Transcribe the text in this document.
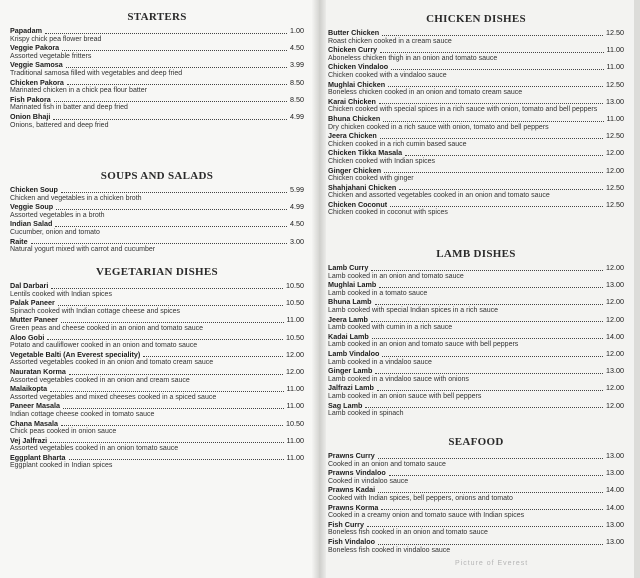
STARTERS
Papadam	1.00
Krispy chick pea flower bread
Veggie Pakora	4.50
Assorted vegetable fritters
Veggie Samosa	3.99
Traditional samosa filled with vegetables and deep fried
Chicken Pakora	8.50
Marinated chicken in a chick pea flour batter
Fish Pakora	8.50
Marinated fish in batter and deep fried
Onion Bhaji	4.99
Onions, battered and deep fried
SOUPS AND SALADS
Chicken Soup	5.99
Chicken and vegetables in a chicken broth
Veggie Soup	4.99
Assorted vegetables in a broth
Indian Salad	4.50
Cucumber, onion and tomato
Raite	3.00
Natural yogurt mixed with carrot and cucumber
VEGETARIAN DISHES
Dal Darbari	10.50
Lentils cooked with Indian spices
Palak Paneer	10.50
Spinach cooked with Indian cottage cheese and spices
Mutter Paneer	11.00
Green peas and cheese cooked in an onion and tomato sauce
Aloo Gobi	10.50
Potato and cauliflower cooked in an onion and tomato sauce
Vegetable Balti (An Everest speciality)	12.00
Assorted vegetables cooked in an onion and tomato cream sauce
Nauratan Korma	12.00
Assorted vegetables cooked in an onion and cream sauce
Malaikopta	11.00
Assorted vegetables and mixed cheeses cooked in a spiced sauce
Paneer Masala	11.00
Indian cottage cheese cooked in tomato sauce
Chana Masala	10.50
Chick peas cooked in onion sauce
Vej Jalfrazi	11.00
Assorted vegetables cooked in an onion tomato sauce
Eggplant Bharta	11.00
Eggplant cooked in Indian spices
CHICKEN DISHES
Butter Chicken	12.50
Roast chicken cooked in a cream sauce
Chicken Curry	11.00
Aboneless chicken thigh in an onion and tomato sauce
Chicken Vindaloo	11.00
Chicken cooked with a vindaloo sauce
Mughlai Chicken	12.50
Boneless chicken cooked in an onion and tomato cream sauce
Karai Chicken	13.00
Chicken cooked with special spices in a rich sauce with onion, tomato and bell peppers
Bhuna Chicken	11.00
Dry chicken cooked in a rich sauce with onion, tomato and bell peppers
Jeera Chicken	12.50
Chicken cooked in a rich cumin based sauce
Chicken Tikka Masala	12.00
Chicken cooked with Indian spices
Ginger Chicken	12.00
Chicken cooked with ginger
Shahjahani Chicken	12.50
Chicken and assorted vegetables cooked in an onion and tomato sauce
Chicken Coconut	12.50
Chicken cooked in coconut with spices
LAMB DISHES
Lamb Curry	12.00
Lamb cooked in an onion and tomato sauce
Mughlai Lamb	13.00
Lamb cooked in a tomato sauce
Bhuna Lamb	12.00
Lamb cooked with special Indian spices in a rich sauce
Jeera Lamb	12.00
Lamb cooked with cumin in a rich sauce
Kadai Lamb	14.00
Lamb cooked in an onion and tomato sauce with bell peppers
Lamb Vindaloo	12.00
Lamb cooked in a vindaloo sauce
Ginger Lamb	13.00
Lamb cooked in a vindaloo sauce with onions
Jalfrazi Lamb	12.00
Lamb cooked in an onion sauce with bell peppers
Sag Lamb	12.00
Lamb cooked in spinach
SEAFOOD
Prawns Curry	13.00
Cooked in an onion and tomato sauce
Prawns Vindaloo	13.00
Cooked in vindaloo sauce
Prawns Kadai	14.00
Cooked with Indian spices, bell peppers, onions and tomato
Prawns Korma	14.00
Cooked in a creamy onion and tomato sauce with Indian spices
Fish Curry	13.00
Boneless fish cooked in an onion and tomato sauce
Fish Vindaloo	13.00
Boneless fish cooked in vindaloo sauce
Picture of Everest
